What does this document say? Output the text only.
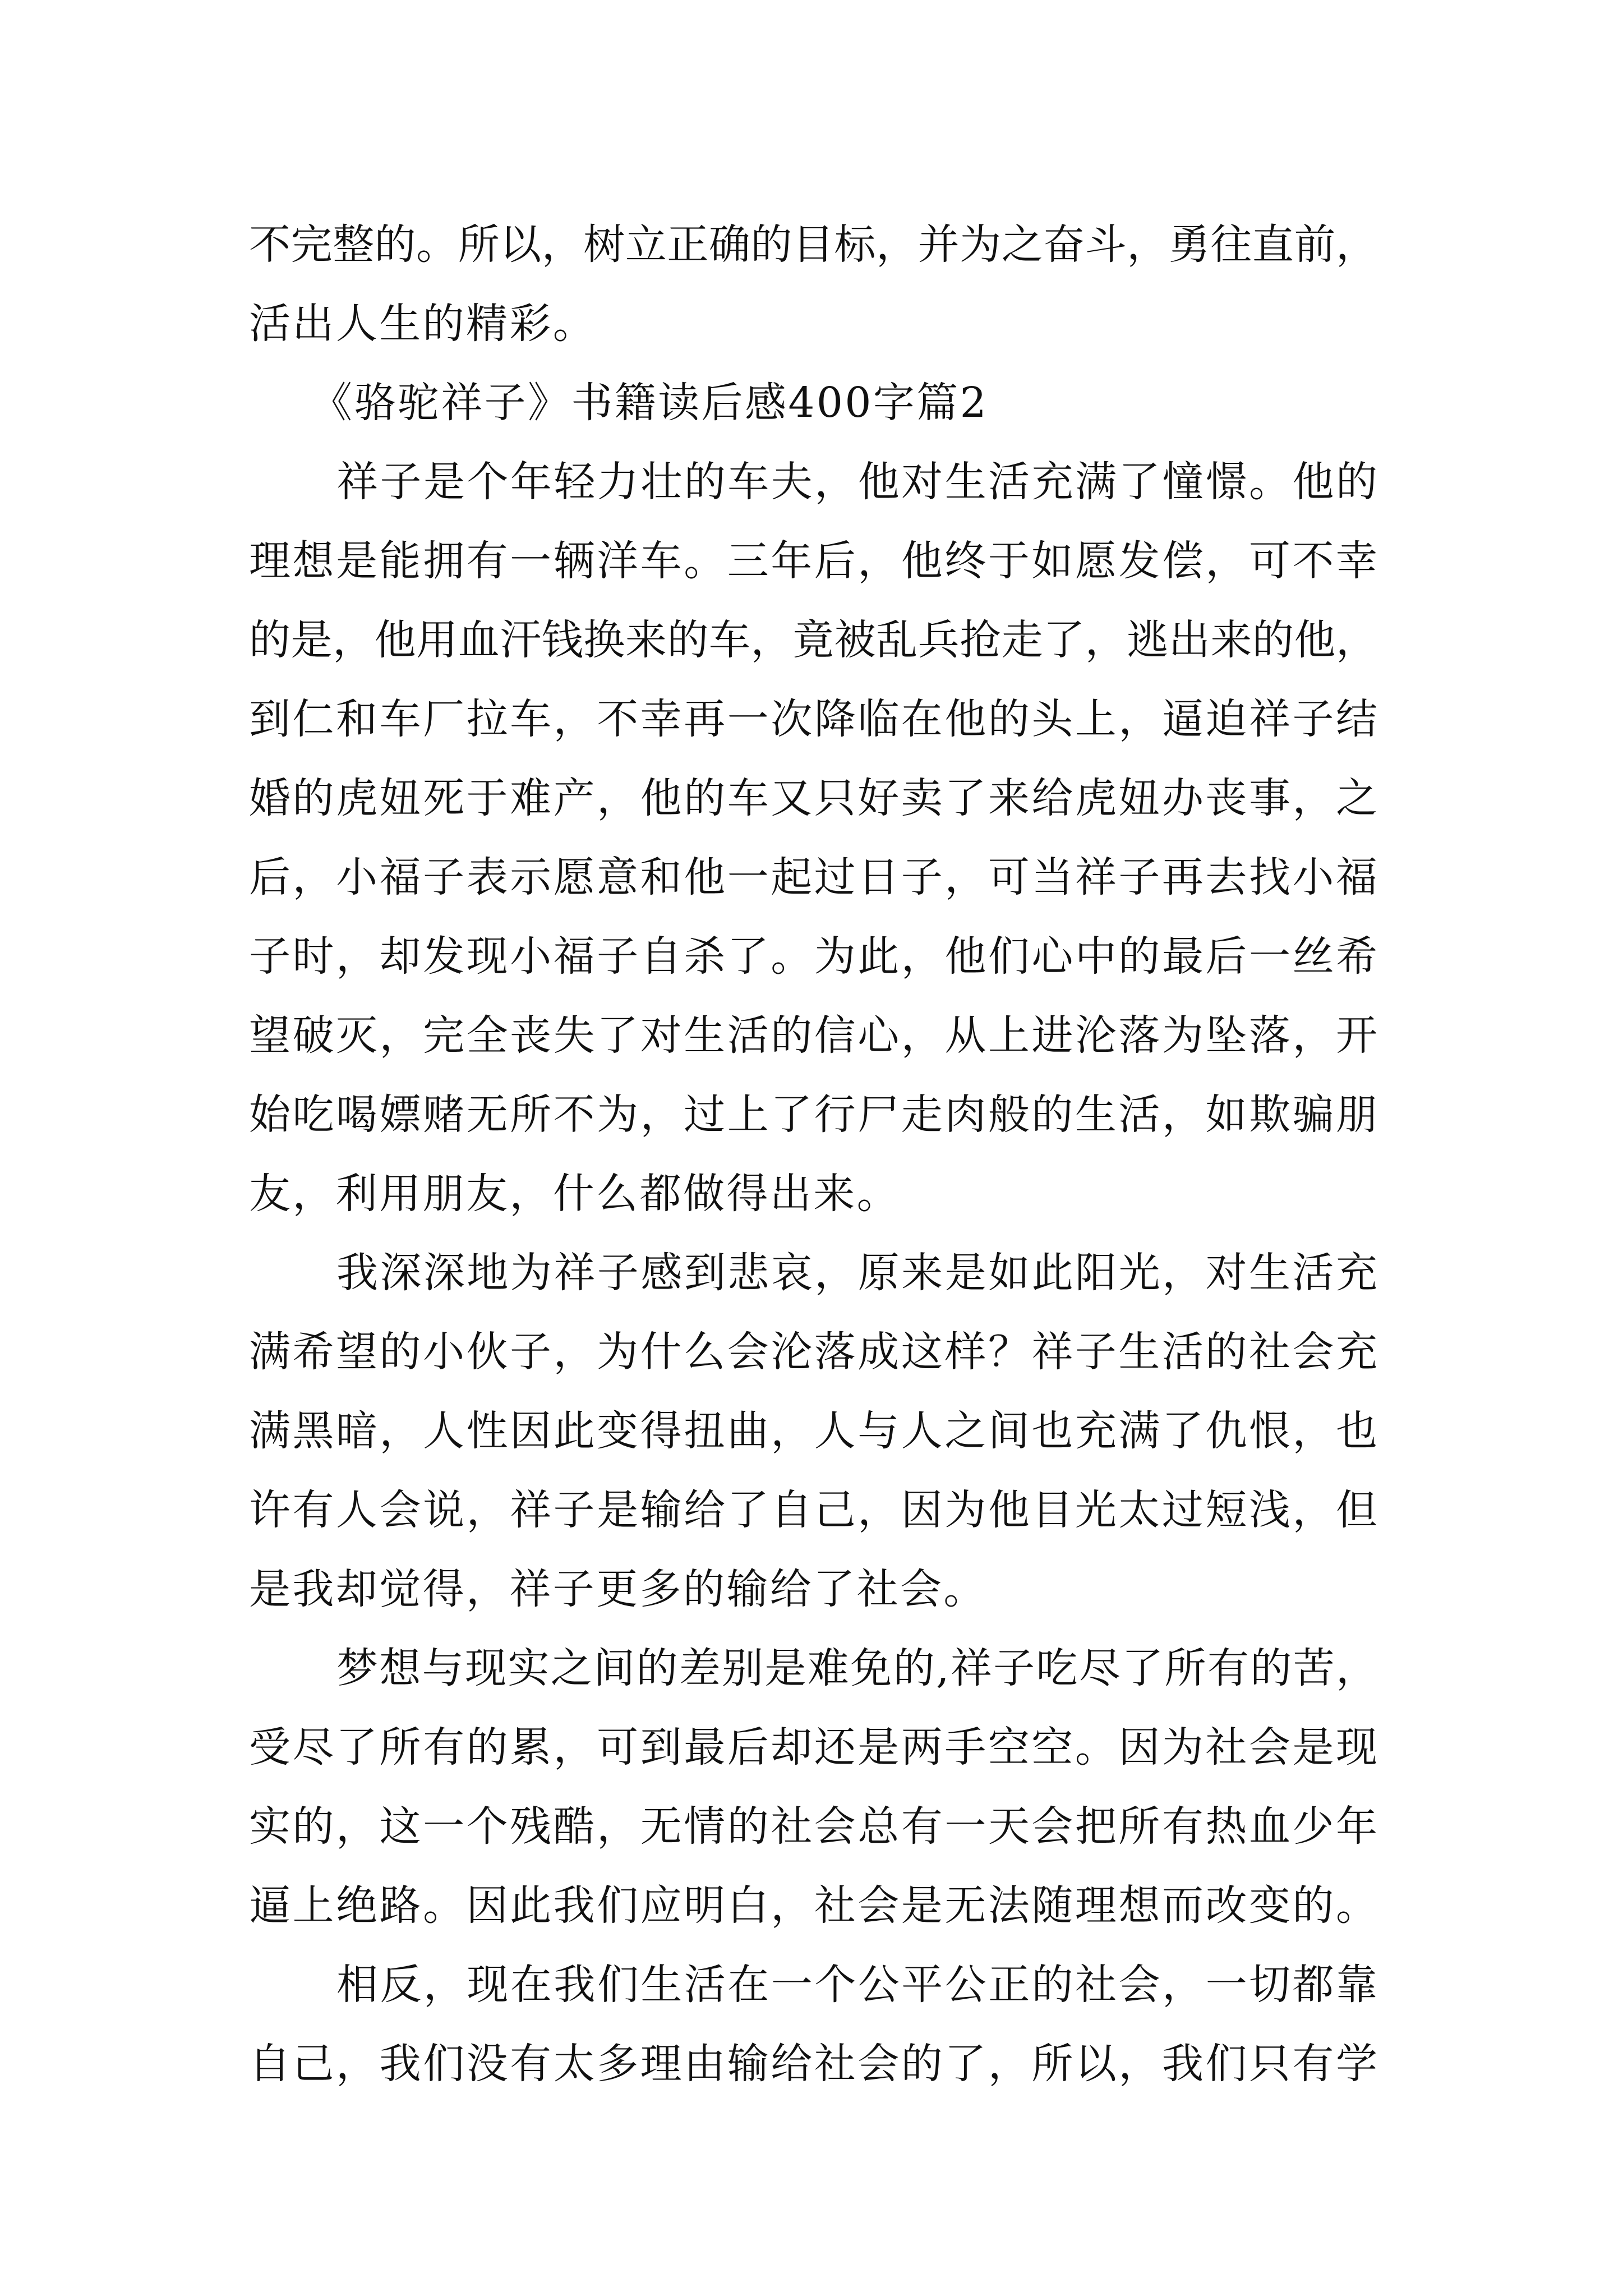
不完整的。所以，树立正确的目标，并为之奋斗，勇往直前，
活出人生的精彩。
《骆驼祥子》书籍读后感400字篇2
祥子是个年轻力壮的车夫，他对生活充满了憧憬。他的
理想是能拥有一辆洋车。三年后，他终于如愿发偿，可不幸
的是，他用血汗钱换来的车，竟被乱兵抢走了，逃出来的他，
到仁和车厂拉车，不幸再一次降临在他的头上，逼迫祥子结
婚的虎妞死于难产，他的车又只好卖了来给虎妞办丧事，之
后，小福子表示愿意和他一起过日子，可当祥子再去找小福
子时，却发现小福子自杀了。为此，他们心中的最后一丝希
望破灭，完全丧失了对生活的信心，从上进沦落为坠落，开
始吃喝嫖赌无所不为，过上了行尸走肉般的生活，如欺骗朋
友，利用朋友，什么都做得出来。
我深深地为祥子感到悲哀，原来是如此阳光，对生活充
满希望的小伙子，为什么会沦落成这样？祥子生活的社会充
满黑暗，人性因此变得扭曲，人与人之间也充满了仇恨，也
许有人会说，祥子是输给了自己，因为他目光太过短浅，但
是我却觉得，祥子更多的输给了社会。
梦想与现实之间的差别是难免的,祥子吃尽了所有的苦，
受尽了所有的累，可到最后却还是两手空空。因为社会是现
实的，这一个残酷，无情的社会总有一天会把所有热血少年
逼上绝路。因此我们应明白，社会是无法随理想而改变的。
相反，现在我们生活在一个公平公正的社会，一切都靠
自己，我们没有太多理由输给社会的了，所以，我们只有学
